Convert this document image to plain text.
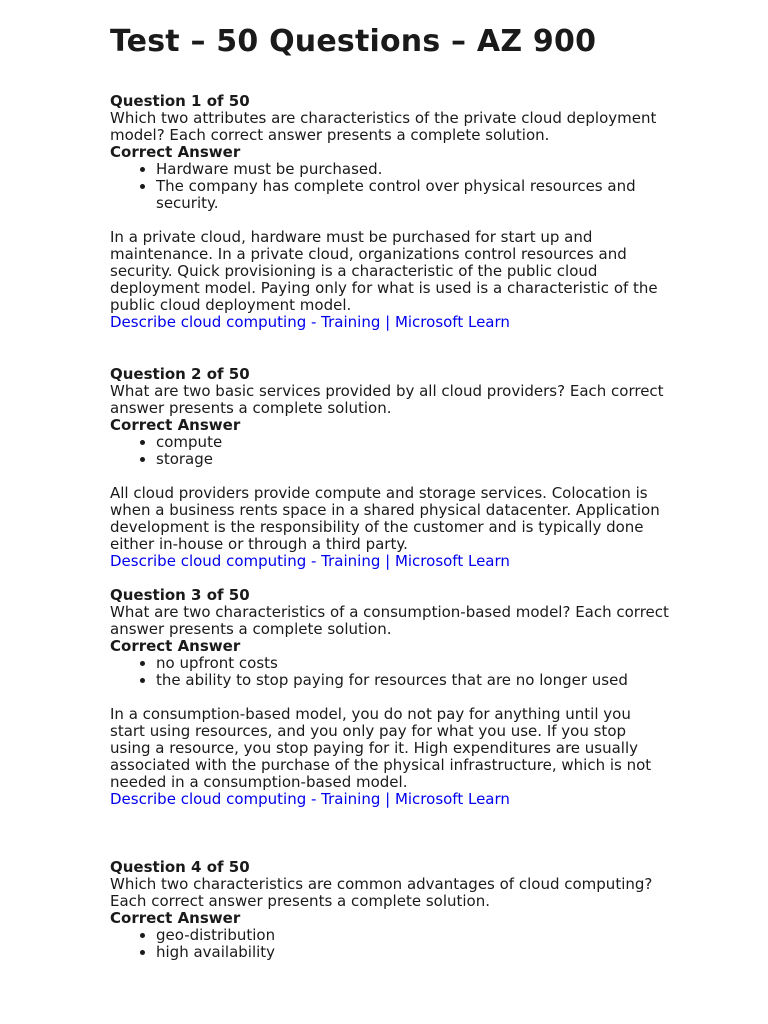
Test – 50 Questions – AZ 900

Question 1 of 50

Which two attributes are characteristics of the private cloud deployment model? Each correct answer presents a complete solution.

Correct Answer

• Hardware must be purchased.
• The company has complete control over physical resources and security.

In a private cloud, hardware must be purchased for start up and maintenance. In a private cloud, organizations control resources and security. Quick provisioning is a characteristic of the public cloud deployment model. Paying only for what is used is a characteristic of the public cloud deployment model.

Describe cloud computing - Training | Microsoft Learn

Question 2 of 50

What are two basic services provided by all cloud providers? Each correct answer presents a complete solution.

Correct Answer

• compute
• storage

All cloud providers provide compute and storage services. Colocation is when a business rents space in a shared physical datacenter. Application development is the responsibility of the customer and is typically done either in-house or through a third party.

Describe cloud computing - Training | Microsoft Learn

Question 3 of 50

What are two characteristics of a consumption-based model? Each correct answer presents a complete solution.

Correct Answer

• no upfront costs
• the ability to stop paying for resources that are no longer used

In a consumption-based model, you do not pay for anything until you start using resources, and you only pay for what you use. If you stop using a resource, you stop paying for it. High expenditures are usually associated with the purchase of the physical infrastructure, which is not needed in a consumption-based model.

Describe cloud computing - Training | Microsoft Learn

Question 4 of 50

Which two characteristics are common advantages of cloud computing? Each correct answer presents a complete solution.

Correct Answer

• geo-distribution
• high availability
